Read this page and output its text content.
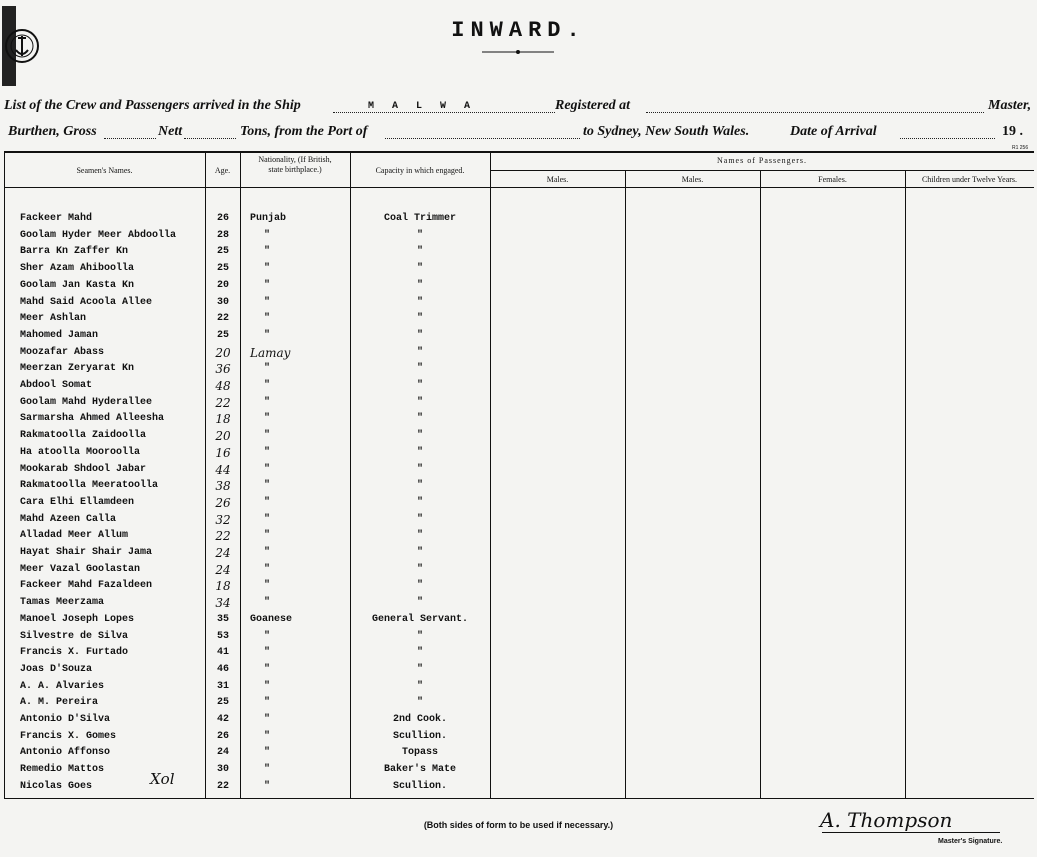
INWARD.
List of the Crew and Passengers arrived in the Ship	M A L W A	Registered at	Master,
Burthen, Gross	Nett	Tons, from the Port of	to Sydney, New South Wales.	Date of Arrival	19 .
R1 256
Seamen's Names.	Age.
Nationality, (If British, state birthplace.)	Capacity in which engaged.
Names of Passengers.
Males.	Males.	Females.	Children under Twelve Years.
Fackeer Mahd	26	Punjab	Coal Trimmer
Goolam Hyder Meer Abdoolla	28	"	"
Barra Kn Zaffer Kn	25	"	"
Sher Azam Ahiboolla	25	"	"
Goolam Jan Kasta Kn	20	"	"
Mahd Said Acoola Allee	30	"	"
Meer Ashlan	22	"	"
Mahomed Jaman	25	"	"
Moozafar Abass	20	Lamay	"
Meerzan Zeryarat Kn	36	"	"
Abdool Somat	48	"	"
Goolam Mahd Hyderallee	22	"	"
Sarmarsha Ahmed Alleesha	18	"	"
Rakmatoolla Zaidoolla	20	"	"
Ha atoolla Mooroolla	16	"	"
Mookarab Shdool Jabar	44	"	"
Rakmatoolla Meeratoolla	38	"	"
Cara Elhi Ellamdeen	26	"	"
Mahd Azeen Calla	32	"	"
Alladad Meer Allum	22	"	"
Hayat Shair Shair Jama	24	"	"
Meer Vazal Goolastan	24	"	"
Fackeer Mahd Fazaldeen	18	"	"
Tamas Meerzama	34	"	"
Manoel Joseph Lopes	35	Goanese	General Servant.
Silvestre de Silva	53	"	"
Francis X. Furtado	41	"	"
Joas D'Souza	46	"	"
A. A. Alvaries	31	"	"
A. M. Pereira	25	"	"
Antonio D'Silva	42	"	2nd Cook.
Francis X. Gomes	26	"	Scullion.
Antonio Affonso	24	"	Topass
Remedio Mattos	30	"	Baker's Mate
Nicolas Goes	22	"	Scullion.
Xol
(Both sides of form to be used if necessary.)	A. Thompson
Master's Signature.
